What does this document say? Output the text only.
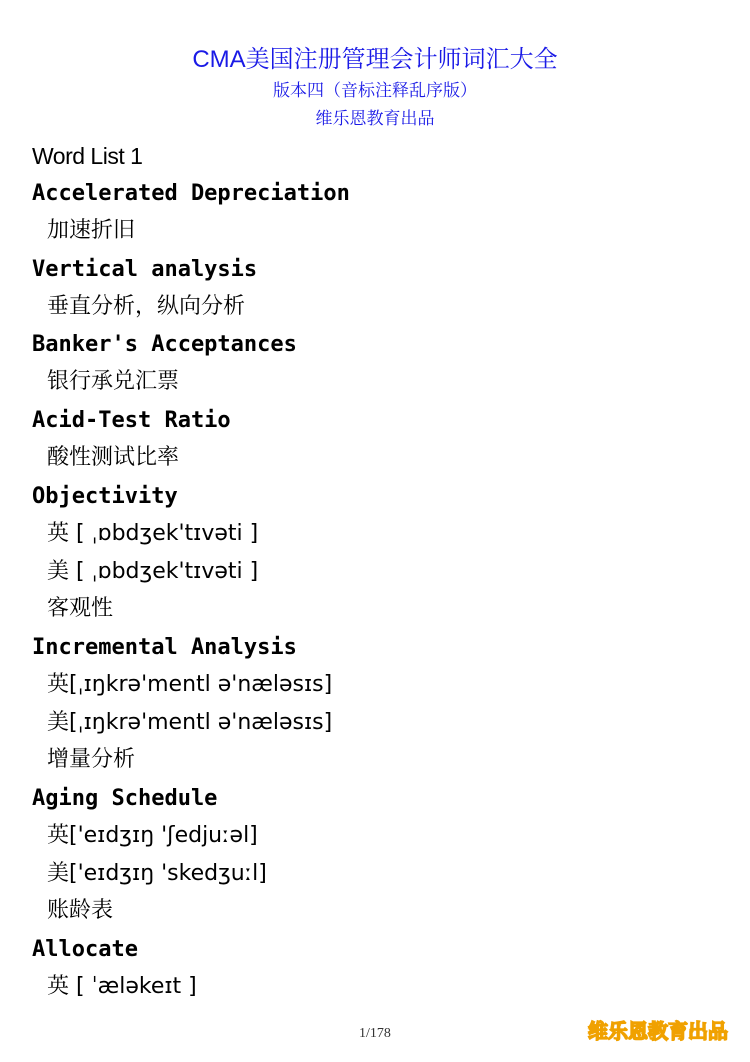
CMA美国注册管理会计师词汇大全
版本四（音标注释乱序版）
维乐恩教育出品
Word List 1
Accelerated Depreciation
加速折旧
Vertical analysis
垂直分析，纵向分析
Banker's Acceptances
银行承兑汇票
Acid-Test Ratio
酸性测试比率
Objectivity
英 [ ˌɒbdʒek'tɪvəti ]
美 [ ˌɒbdʒek'tɪvəti ]
客观性
Incremental Analysis
英[ˌɪŋkrə'mentl ə'næləsɪs]
美[ˌɪŋkrə'mentl ə'næləsɪs]
增量分析
Aging Schedule
英['eɪdʒɪŋ 'ʃedjuːəl]
美['eɪdʒɪŋ 'skedʒuːl]
账龄表
Allocate
英 [ ˈæləkeɪt ]
1/178	维乐恩教育出品
